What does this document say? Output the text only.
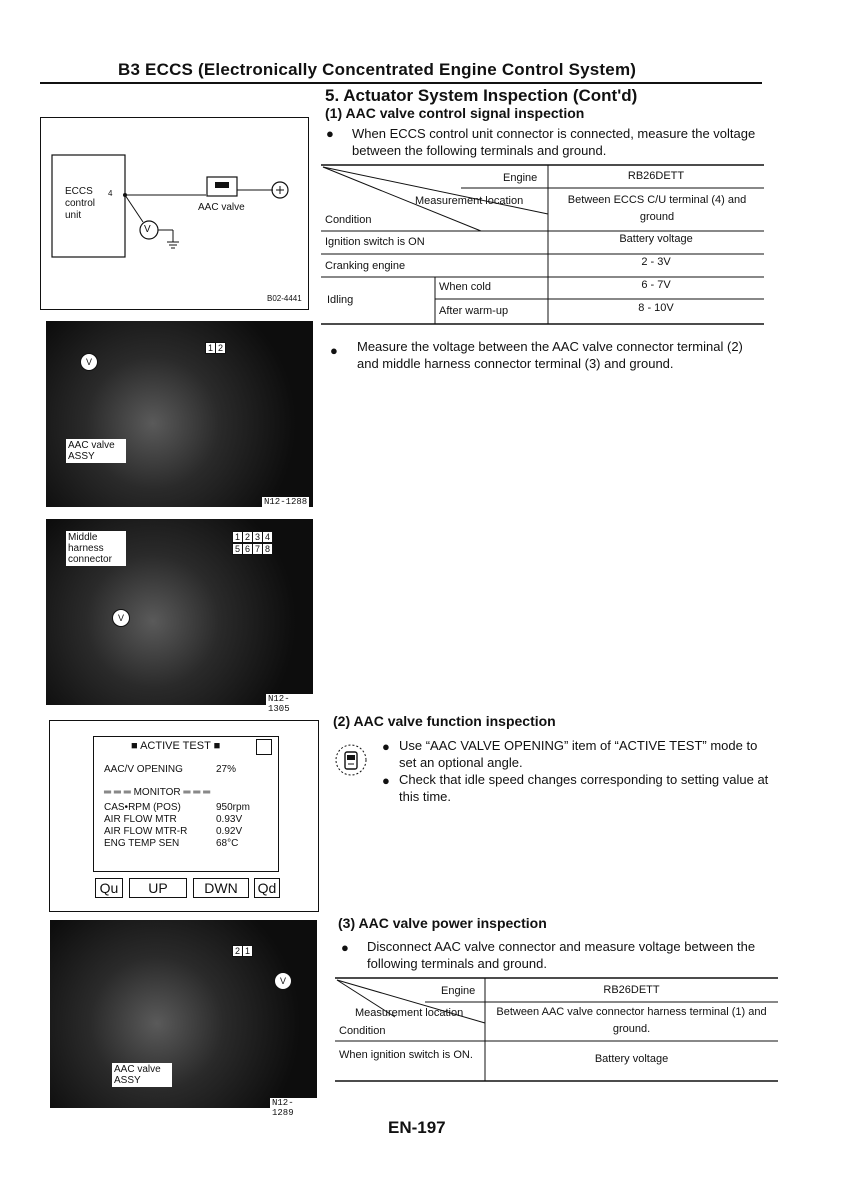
B3 ECCS (Electronically Concentrated Engine Control System)
5. Actuator System Inspection (Cont'd)
(1) AAC valve control signal inspection
● When ECCS control unit connector is connected, measure the voltage between the following terminals and ground.
Engine
Measurement location
Condition
RB26DETT
Between ECCS C/U terminal (4) and ground
Ignition switch is ON	Battery voltage
Cranking engine	2 - 3V
Idling
When cold	6 - 7V
After warm-up	8 - 10V
● Measure the voltage between the AAC valve connector terminal (2) and middle harness connector terminal (3) and ground.
ECCS control unit
4
AAC valve
V
B02-4441
1 2
V
AAC valve ASSY
N12-1288
Middle harness connector
1 2 3 4
5 6 7 8
V
N12-1305
■ ACTIVE TEST ■
AAC/V OPENING	27%
═ ═ ═ MONITOR ═ ═ ═
CAS•RPM (POS)	950rpm
AIR FLOW MTR	0.93V
AIR FLOW MTR-R	0.92V
ENG TEMP SEN	68°C
Qu	UP	DWN	Qd
(2) AAC valve function inspection
● Use “AAC VALVE OPENING” item of “ACTIVE TEST” mode to set an optional angle.
● Check that idle speed changes corresponding to setting value at this time.
(3) AAC valve power inspection
● Disconnect AAC valve connector and measure voltage between the following terminals and ground.
Engine
Measurement location
Condition
RB26DETT
Between AAC valve connector harness terminal (1) and ground.
When ignition switch is ON.	Battery voltage
2 1
V
AAC valve ASSY
N12-1289
EN-197
